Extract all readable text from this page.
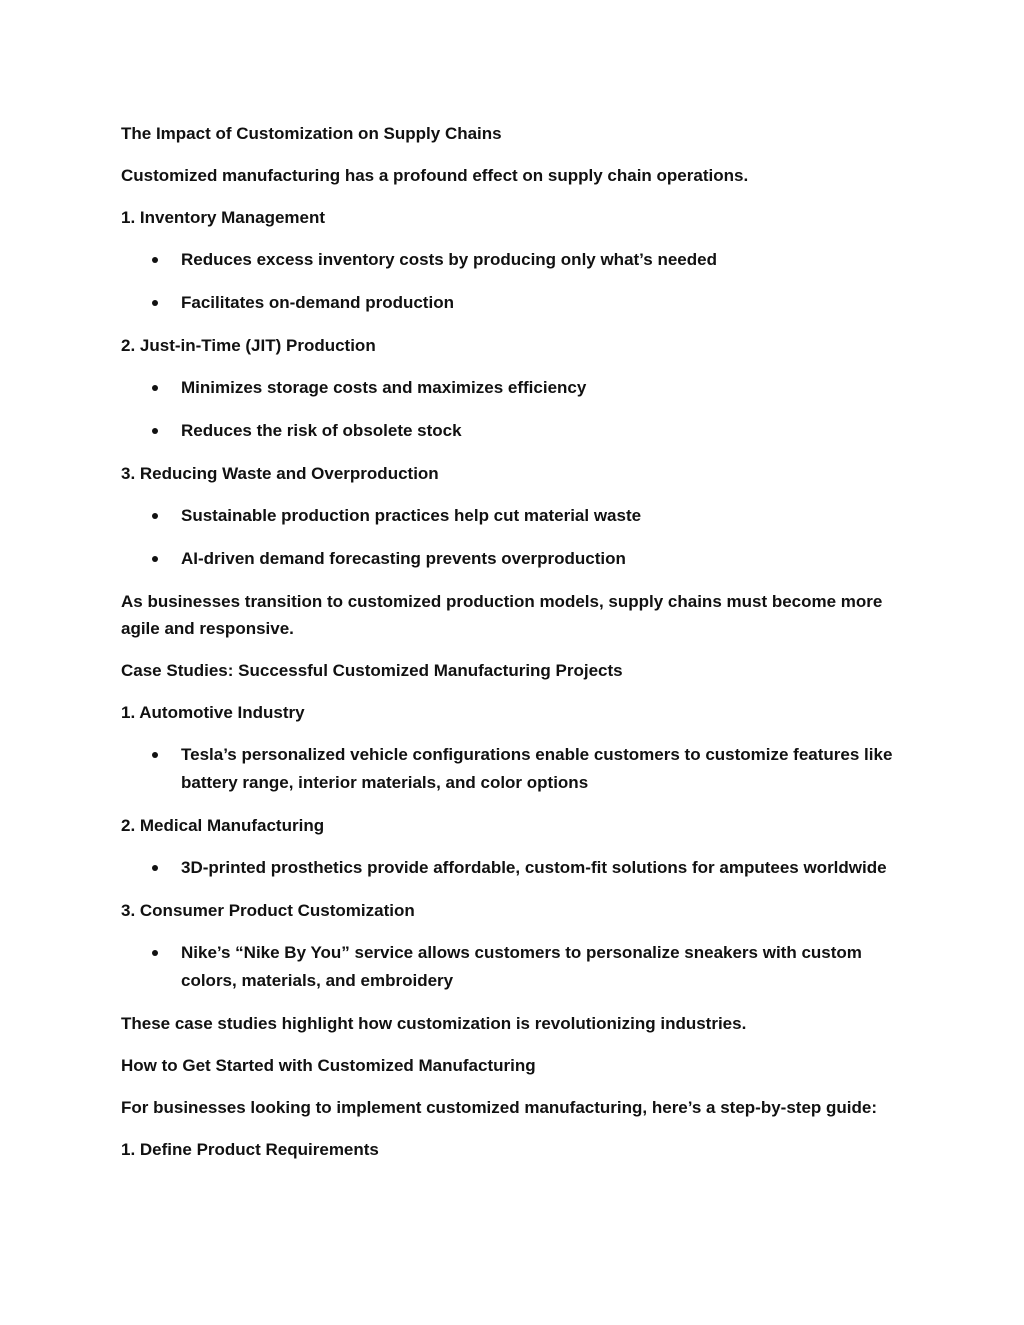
The Impact of Customization on Supply Chains

Customized manufacturing has a profound effect on supply chain operations.

1. Inventory Management

Reduces excess inventory costs by producing only what’s needed
Facilitates on-demand production

2. Just-in-Time (JIT) Production

Minimizes storage costs and maximizes efficiency
Reduces the risk of obsolete stock

3. Reducing Waste and Overproduction

Sustainable production practices help cut material waste
AI-driven demand forecasting prevents overproduction

As businesses transition to customized production models, supply chains must become more agile and responsive.

Case Studies: Successful Customized Manufacturing Projects

1. Automotive Industry

Tesla’s personalized vehicle configurations enable customers to customize features like battery range, interior materials, and color options

2. Medical Manufacturing

3D-printed prosthetics provide affordable, custom-fit solutions for amputees worldwide

3. Consumer Product Customization

Nike’s “Nike By You” service allows customers to personalize sneakers with custom colors, materials, and embroidery

These case studies highlight how customization is revolutionizing industries.

How to Get Started with Customized Manufacturing

For businesses looking to implement customized manufacturing, here’s a step-by-step guide:

1. Define Product Requirements
